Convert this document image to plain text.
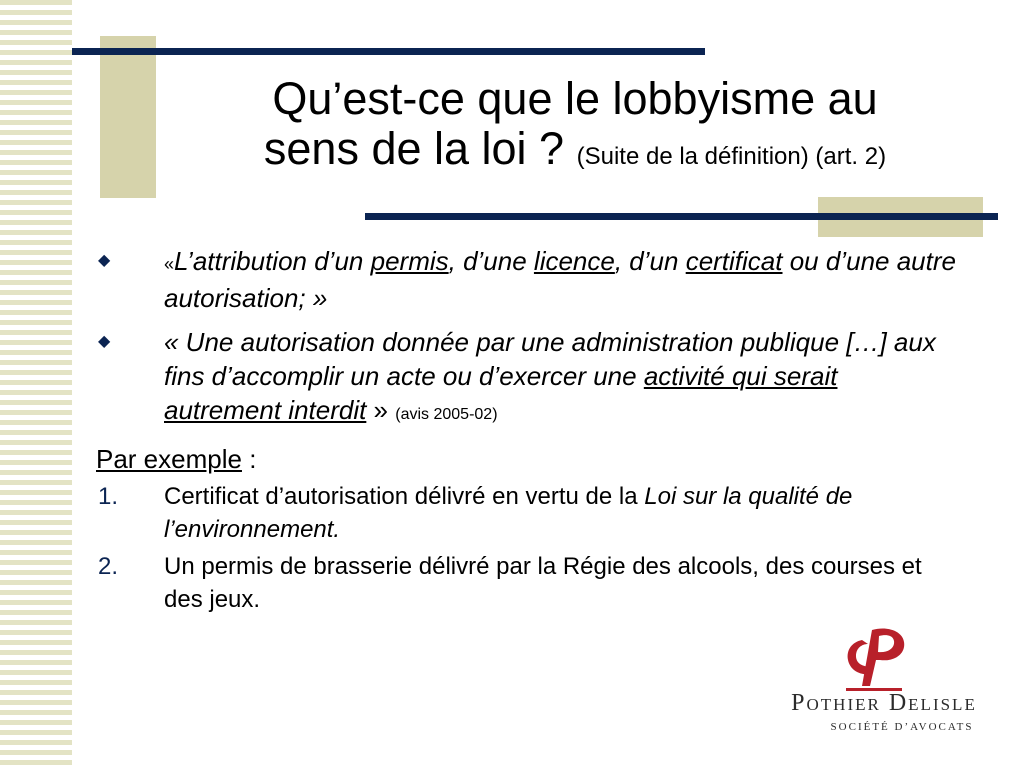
Qu’est-ce que le lobbyisme au
sens de la loi ? (Suite de la définition) (art. 2)
◆	«L’attribution d’un permis, d’une licence, d’un certificat ou d’une autre autorisation; »
◆ « Une autorisation donnée par une administration publique […] aux fins d’accomplir un acte ou d’exercer une activité qui serait autrement interdit » (avis 2005-02)
Par exemple :
1. Certificat d’autorisation délivré en vertu de la Loi sur la qualité de l’environnement.
2. Un permis de brasserie délivré par la Régie des alcools, des courses et des jeux.
Pothier Delisle
SOCIÉTÉ D’AVOCATS
